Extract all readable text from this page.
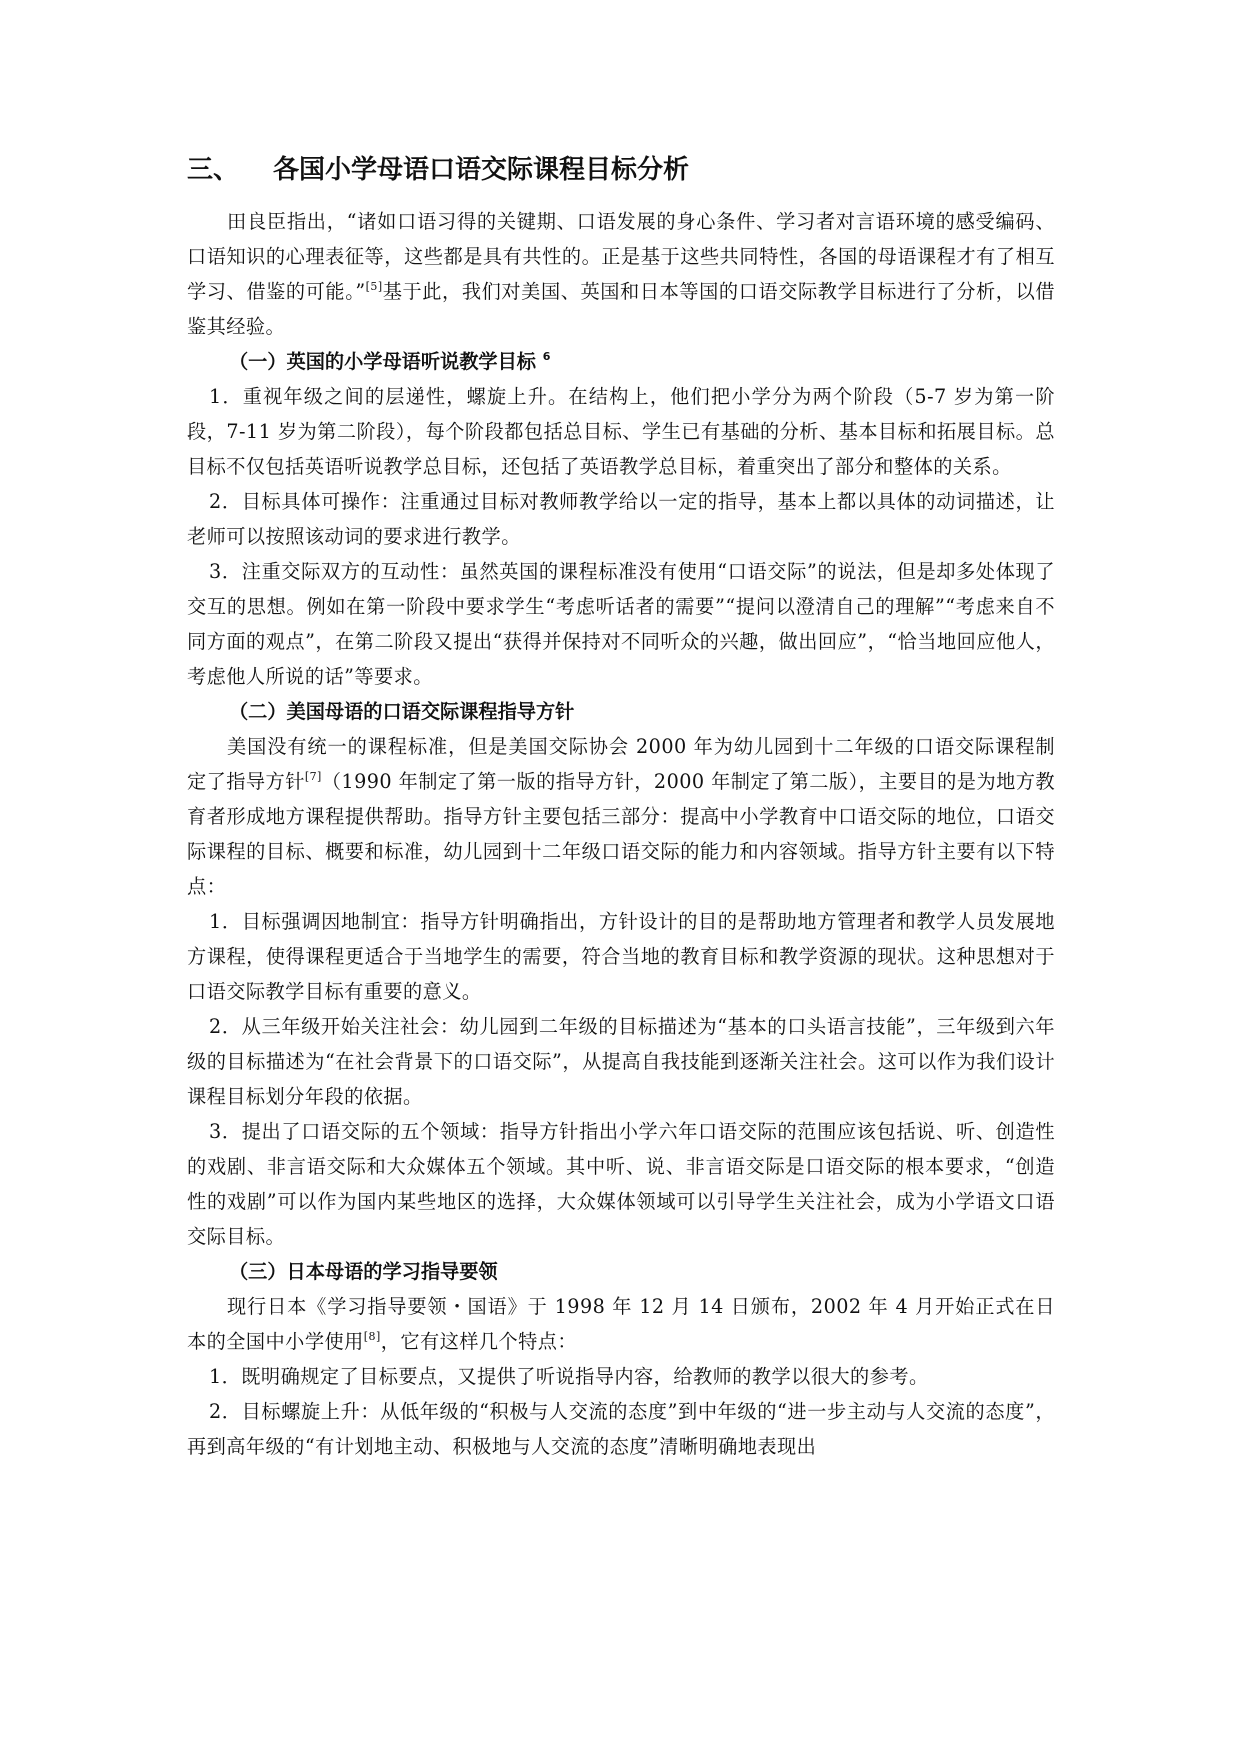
三、 各国小学母语口语交际课程目标分析

田良臣指出，“诸如口语习得的关键期、口语发展的身心条件、学习者对言语环境的感受编码、口语知识的心理表征等，这些都是具有共性的。正是基于这些共同特性，各国的母语课程才有了相互学习、借鉴的可能。”[5]基于此，我们对美国、英国和日本等国的口语交际教学目标进行了分析，以借鉴其经验。

（一）英国的小学母语听说教学目标 $^6$

1．重视年级之间的层递性，螺旋上升。在结构上，他们把小学分为两个阶段（5-7 岁为第一阶段，7-11 岁为第二阶段），每个阶段都包括总目标、学生已有基础的分析、基本目标和拓展目标。总目标不仅包括英语听说教学总目标，还包括了英语教学总目标，着重突出了部分和整体的关系。

2．目标具体可操作：注重通过目标对教师教学给以一定的指导，基本上都以具体的动词描述，让老师可以按照该动词的要求进行教学。

3．注重交际双方的互动性：虽然英国的课程标准没有使用“口语交际”的说法，但是却多处体现了交互的思想。例如在第一阶段中要求学生“考虑听话者的需要”“提问以澄清自己的理解”“考虑来自不同方面的观点”，在第二阶段又提出“获得并保持对不同听众的兴趣，做出回应”，“恰当地回应他人，考虑他人所说的话”等要求。

（二）美国母语的口语交际课程指导方针

美国没有统一的课程标准，但是美国交际协会 2000 年为幼儿园到十二年级的口语交际课程制定了指导方针[7]（1990 年制定了第一版的指导方针，2000 年制定了第二版），主要目的是为地方教育者形成地方课程提供帮助。指导方针主要包括三部分：提高中小学教育中口语交际的地位，口语交际课程的目标、概要和标准，幼儿园到十二年级口语交际的能力和内容领域。指导方针主要有以下特点：

1．目标强调因地制宜：指导方针明确指出，方针设计的目的是帮助地方管理者和教学人员发展地方课程，使得课程更适合于当地学生的需要，符合当地的教育目标和教学资源的现状。这种思想对于口语交际教学目标有重要的意义。

2．从三年级开始关注社会：幼儿园到二年级的目标描述为“基本的口头语言技能”，三年级到六年级的目标描述为“在社会背景下的口语交际”，从提高自我技能到逐渐关注社会。这可以作为我们设计课程目标划分年段的依据。

3．提出了口语交际的五个领域：指导方针指出小学六年口语交际的范围应该包括说、听、创造性的戏剧、非言语交际和大众媒体五个领域。其中听、说、非言语交际是口语交际的根本要求，“创造性的戏剧”可以作为国内某些地区的选择，大众媒体领域可以引导学生关注社会，成为小学语文口语交际目标。

（三）日本母语的学习指导要领

现行日本《学习指导要领・国语》于 1998 年 12 月 14 日颁布，2002 年 4 月开始正式在日本的全国中小学使用[8]，它有这样几个特点：

1．既明确规定了目标要点，又提供了听说指导内容，给教师的教学以很大的参考。

2．目标螺旋上升：从低年级的“积极与人交流的态度”到中年级的“进一步主动与人交流的态度”，再到高年级的“有计划地主动、积极地与人交流的态度”清晰明确地表现出
